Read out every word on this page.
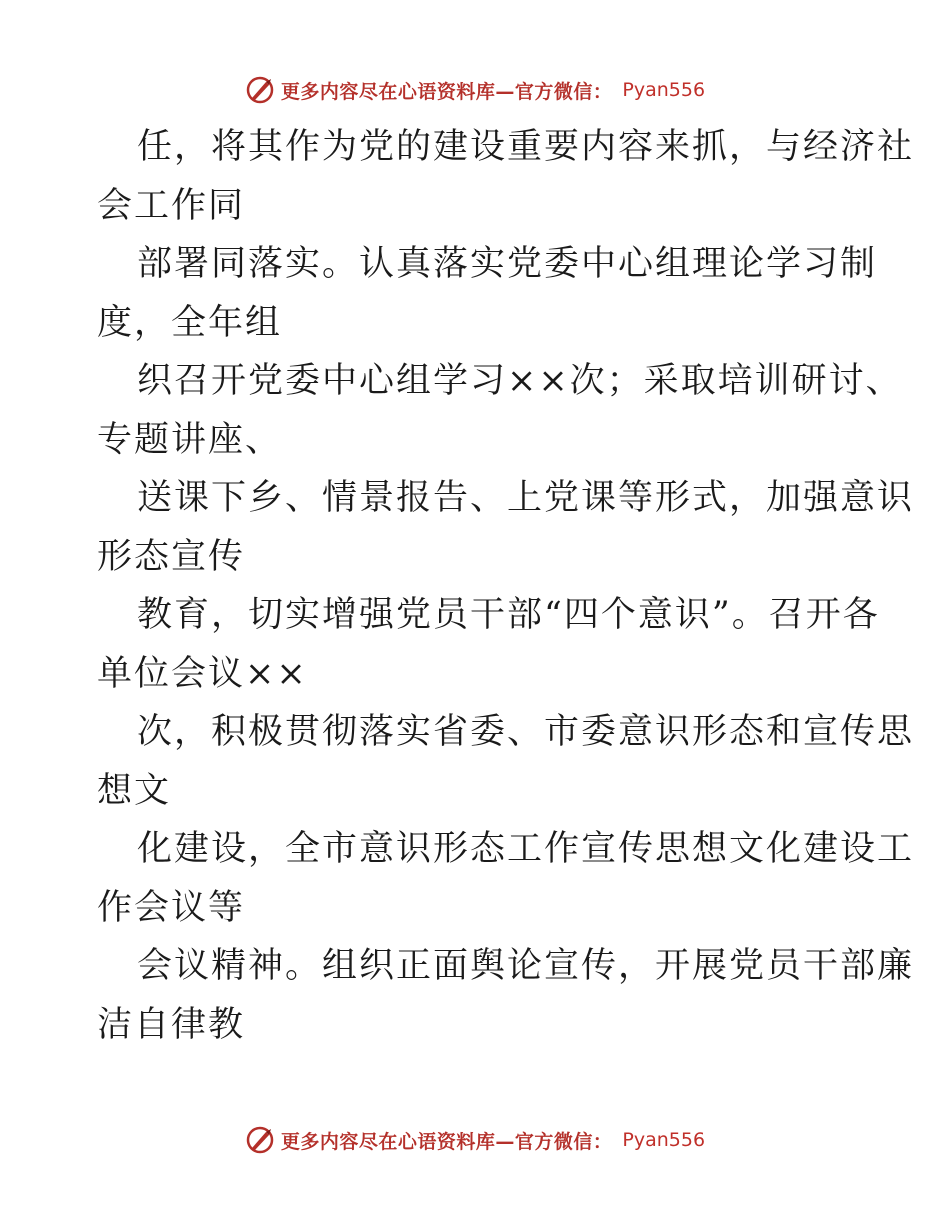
更多内容尽在心语资料库—官方微信： Pyan556
任，将其作为党的建设重要内容来抓，与经济社
会工作同
部署同落实。认真落实党委中心组理论学习制
度，全年组
织召开党委中心组学习××次；采取培训研讨、
专题讲座、
送课下乡、情景报告、上党课等形式，加强意识
形态宣传
教育，切实增强党员干部“四个意识”。召开各
单位会议××
次，积极贯彻落实省委、市委意识形态和宣传思
想文
化建设，全市意识形态工作宣传思想文化建设工
作会议等
会议精神。组织正面舆论宣传，开展党员干部廉
洁自律教
更多内容尽在心语资料库—官方微信： Pyan556
